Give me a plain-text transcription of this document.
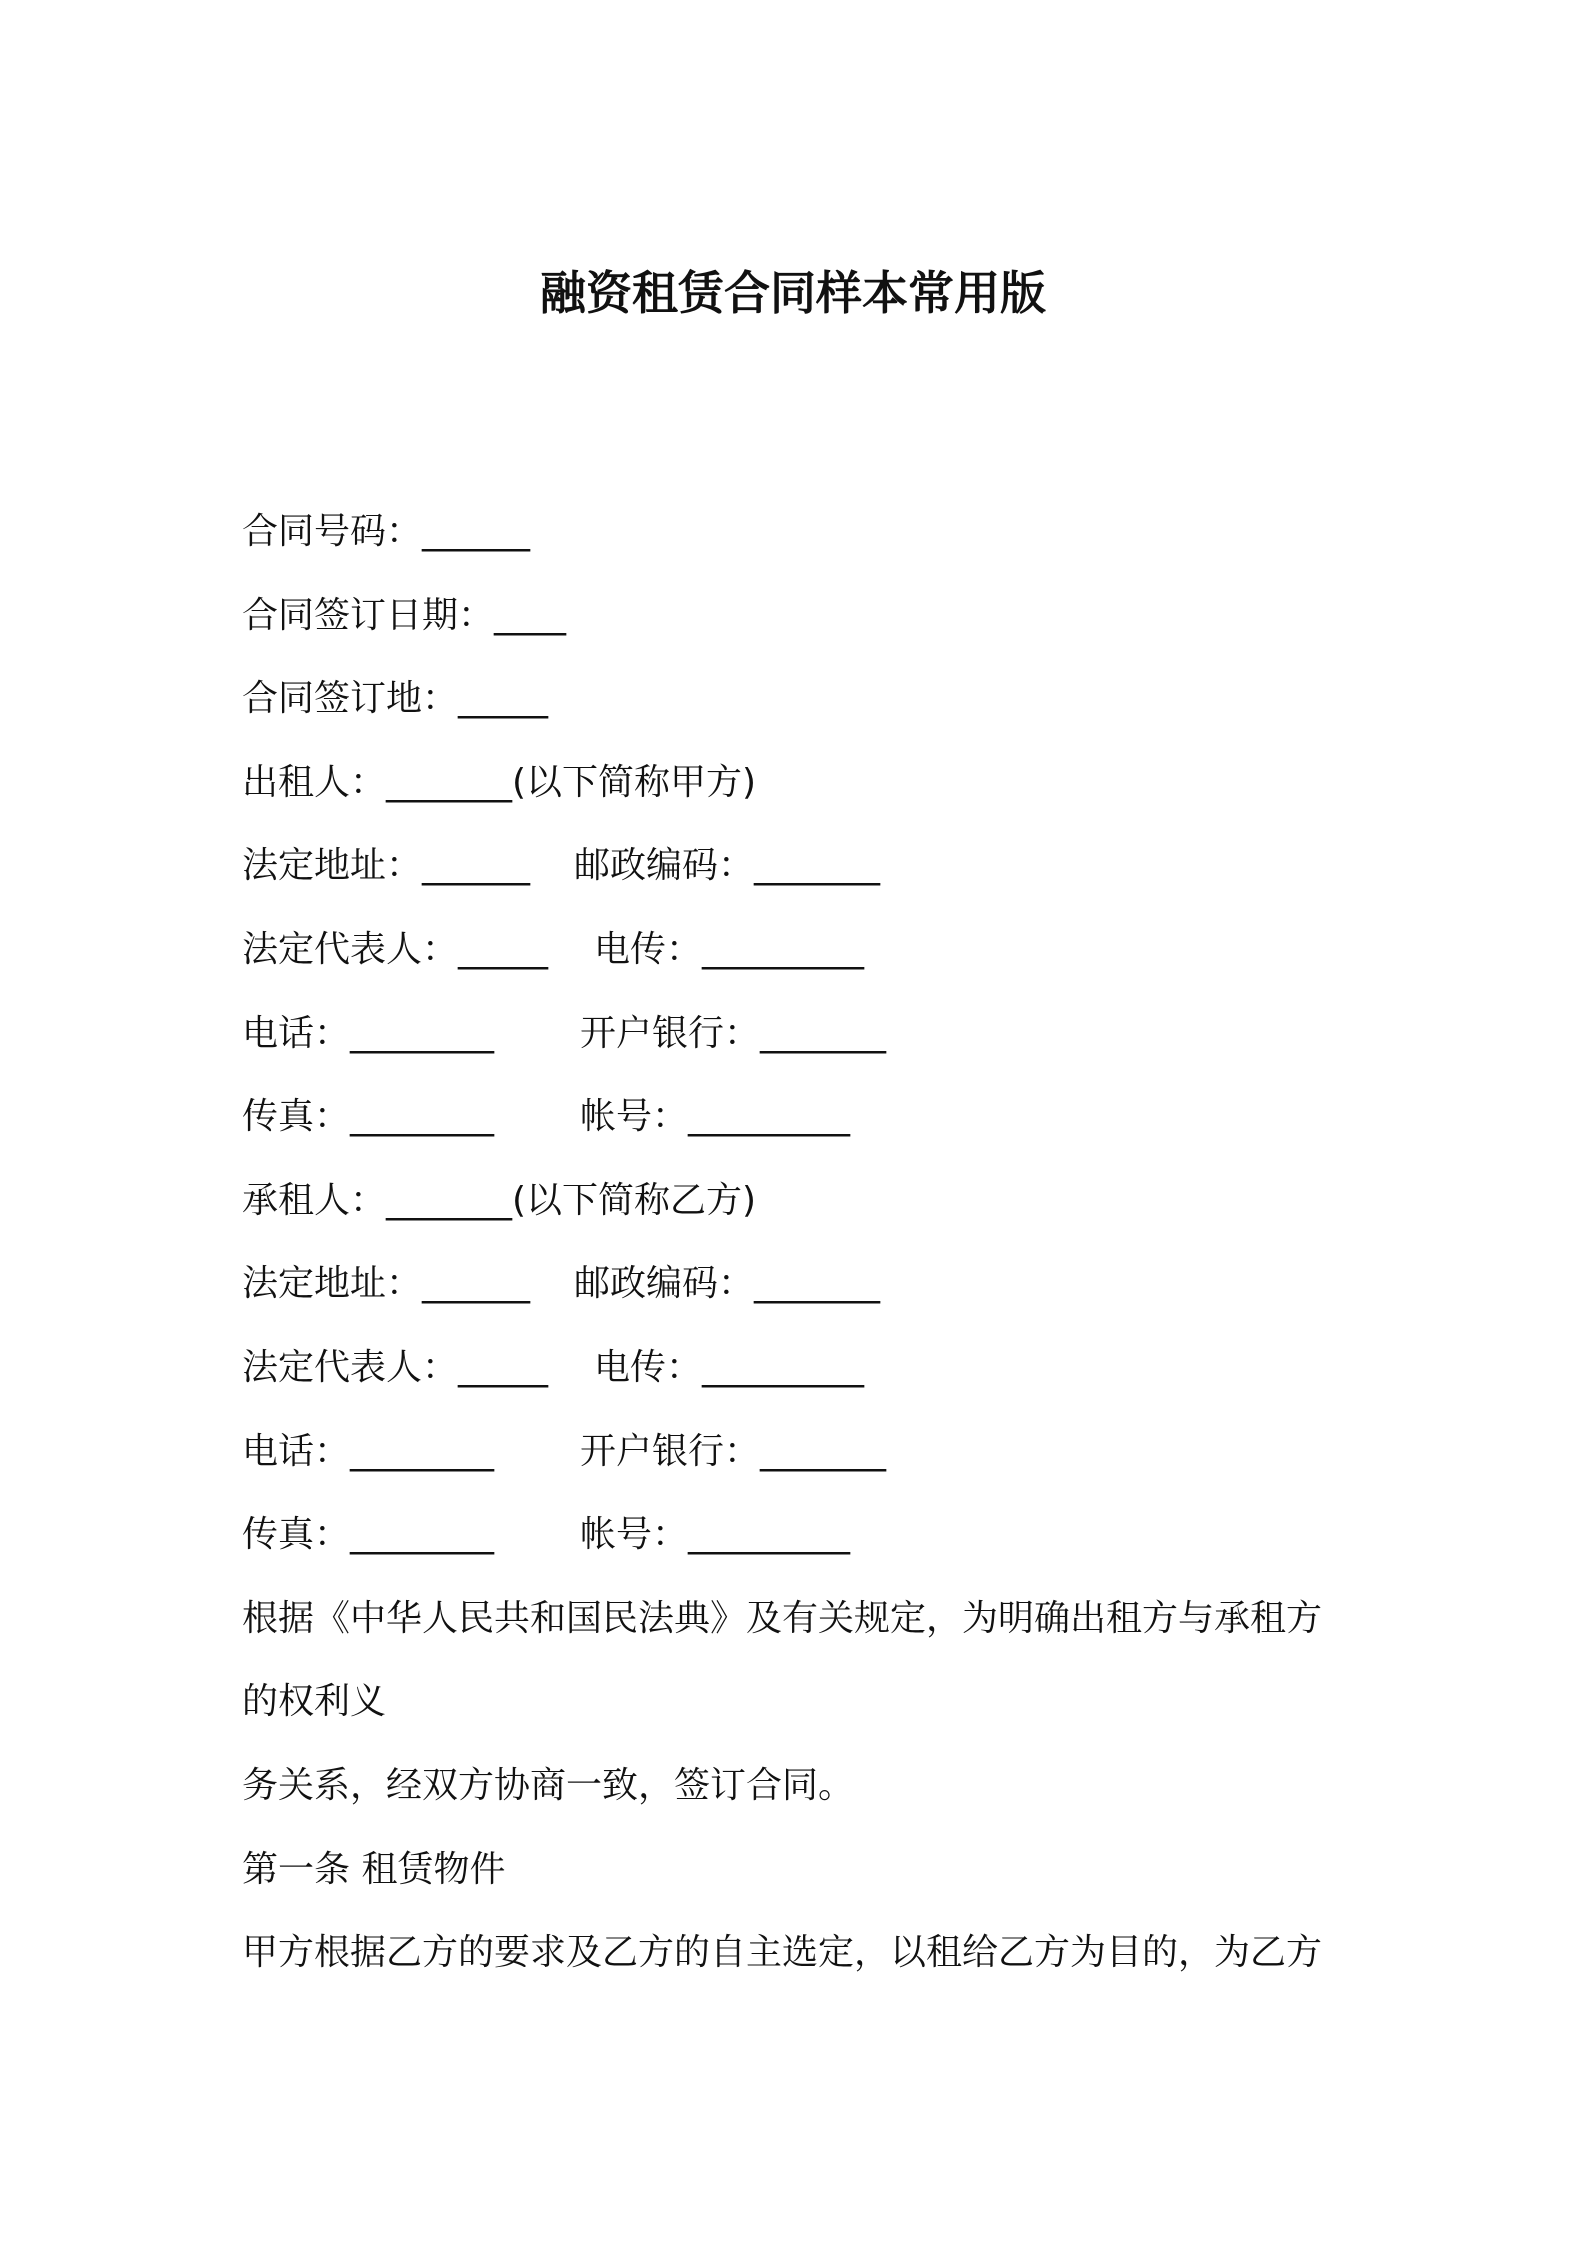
融资租赁合同样本常用版
合同号码：______
合同签订日期：____
合同签订地：_____
出租人：_______(以下简称甲方)
法定地址：______ 邮政编码：_______
法定代表人：_____ 电传：_________
电话：________ 开户银行：_______
传真：________ 帐号：_________
承租人：_______(以下简称乙方)
法定地址：______ 邮政编码：_______
法定代表人：_____ 电传：_________
电话：________ 开户银行：_______
传真：________ 帐号：_________
根据《中华人民共和国民法典》及有关规定，为明确出租方与承租方
的权利义
务关系，经双方协商一致，签订合同。
第一条 租赁物件
甲方根据乙方的要求及乙方的自主选定，以租给乙方为目的，为乙方
